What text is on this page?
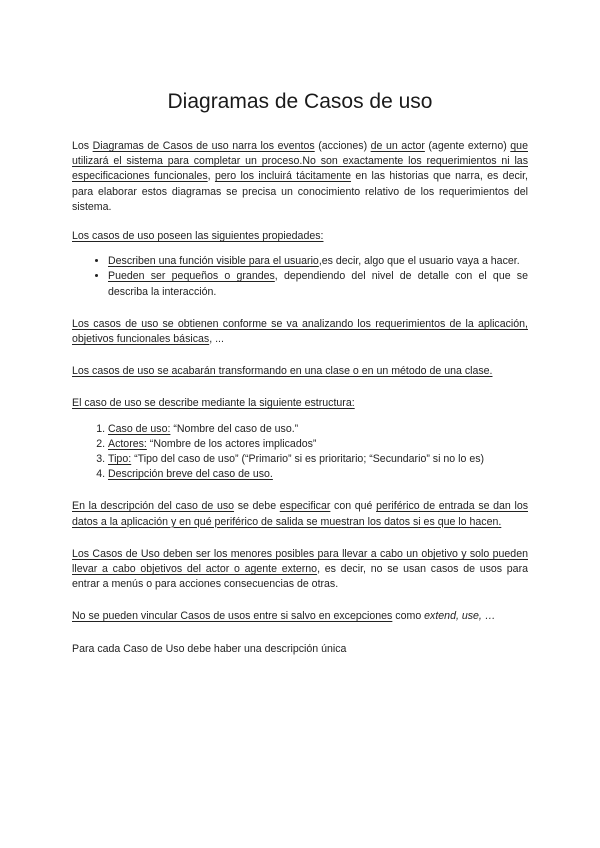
Diagramas de Casos de uso

Los Diagramas de Casos de uso narra los eventos (acciones) de un actor (agente externo) que utilizará el sistema para completar un proceso.No son exactamente los requerimientos ni las especificaciones funcionales, pero los incluirá tácitamente en las historias que narra, es decir, para elaborar estos diagramas se precisa un conocimiento relativo de los requerimientos del sistema.

Los casos de uso poseen las siguientes propiedades:

• Describen una función visible para el usuario,es decir, algo que el usuario vaya a hacer.
• Pueden ser pequeños o grandes, dependiendo del nivel de detalle con el que se describa la interacción.

Los casos de uso se obtienen conforme se va analizando los requerimientos de la aplicación, objetivos funcionales básicas, ...

Los casos de uso se acabarán transformando en una clase o en un método de una clase.

El caso de uso se describe mediante la siguiente estructura:

1. Caso de uso: “Nombre del caso de uso.”
2. Actores: “Nombre de los actores implicados”
3. Tipo: “Tipo del caso de uso” (“Primario” si es prioritario; “Secundario” si no lo es)
4. Descripción breve del caso de uso.

En la descripción del caso de uso se debe especificar con qué periférico de entrada se dan los datos a la aplicación y en qué periférico de salida se muestran los datos si es que lo hacen.

Los Casos de Uso deben ser los menores posibles para llevar a cabo un objetivo y solo pueden llevar a cabo objetivos del actor o agente externo, es decir, no se usan casos de usos para entrar a menús o para acciones consecuencias de otras.

No se pueden vincular Casos de usos entre si salvo en excepciones como extend, use, …

Para cada Caso de Uso debe haber una descripción única
